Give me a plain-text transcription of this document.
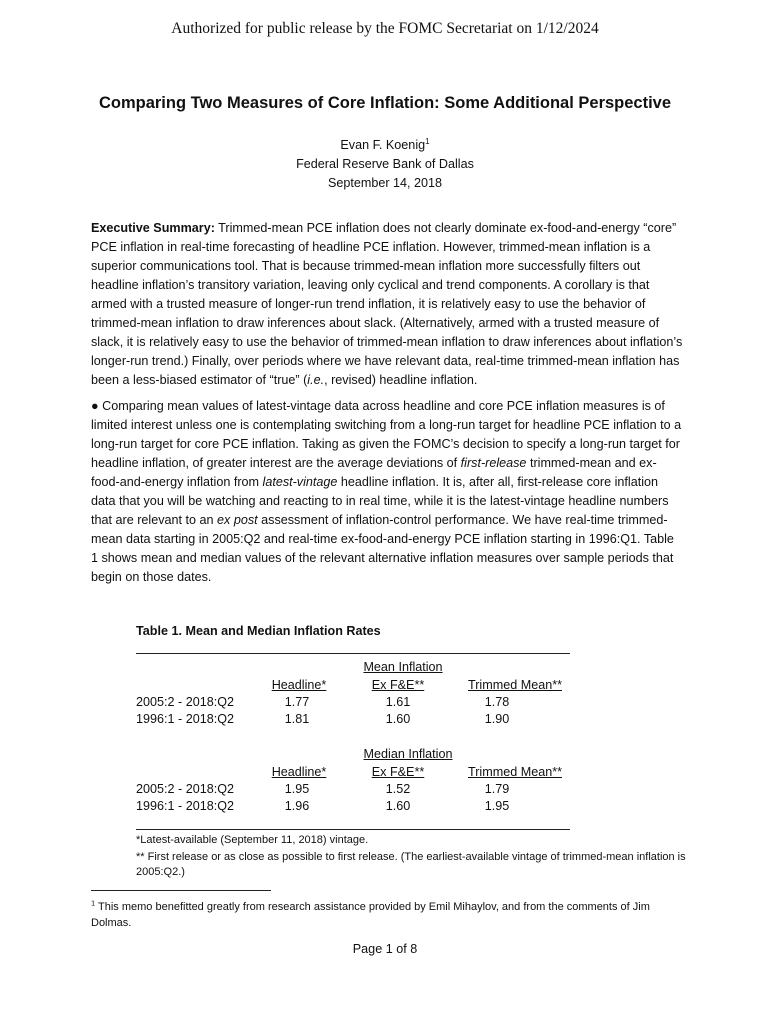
Authorized for public release by the FOMC Secretariat on 1/12/2024
Comparing Two Measures of Core Inflation: Some Additional Perspective
Evan F. Koenig$^1$
Federal Reserve Bank of Dallas
September 14, 2018

Executive Summary: Trimmed-mean PCE inflation does not clearly dominate ex-food-and-energy “core” PCE inflation in real-time forecasting of headline PCE inflation. However, trimmed-mean inflation is a superior communications tool. That is because trimmed-mean inflation more successfully filters out headline inflation’s transitory variation, leaving only cyclical and trend components. A corollary is that armed with a trusted measure of longer-run trend inflation, it is relatively easy to use the behavior of trimmed-mean inflation to draw inferences about slack. (Alternatively, armed with a trusted measure of slack, it is relatively easy to use the behavior of trimmed-mean inflation to draw inferences about inflation’s longer-run trend.) Finally, over periods where we have relevant data, real-time trimmed-mean inflation has been a less-biased estimator of “true” (i.e., revised) headline inflation.

● Comparing mean values of latest-vintage data across headline and core PCE inflation measures is of limited interest unless one is contemplating switching from a long-run target for headline PCE inflation to a long-run target for core PCE inflation. Taking as given the FOMC’s decision to specify a long-run target for headline inflation, of greater interest are the average deviations of first-release trimmed-mean and ex-food-and-energy inflation from latest-vintage headline inflation. It is, after all, first-release core inflation data that you will be watching and reacting to in real time, while it is the latest-vintage headline numbers that are relevant to an ex post assessment of inflation-control performance. We have real-time trimmed-mean data starting in 2005:Q2 and real-time ex-food-and-energy PCE inflation starting in 1996:Q1. Table 1 shows mean and median values of the relevant alternative inflation measures over sample periods that begin on those dates.

Table 1. Mean and Median Inflation Rates
Mean Inflation
Headline*	Ex F&E**	Trimmed Mean**
2005:2 - 2018:Q2	1.77	1.61	1.78
1996:1 - 2018:Q2	1.81	1.60	1.90
Median Inflation
Headline*	Ex F&E**	Trimmed Mean**
2005:2 - 2018:Q2	1.95	1.52	1.79
1996:1 - 2018:Q2	1.96	1.60	1.95

*Latest-available (September 11, 2018) vintage.

** First release or as close as possible to first release. (The earliest-available vintage of trimmed-mean inflation is 2005:Q2.)

$^1$ This memo benefitted greatly from research assistance provided by Emil Mihaylov, and from the comments of Jim Dolmas.

Page 1 of 8
